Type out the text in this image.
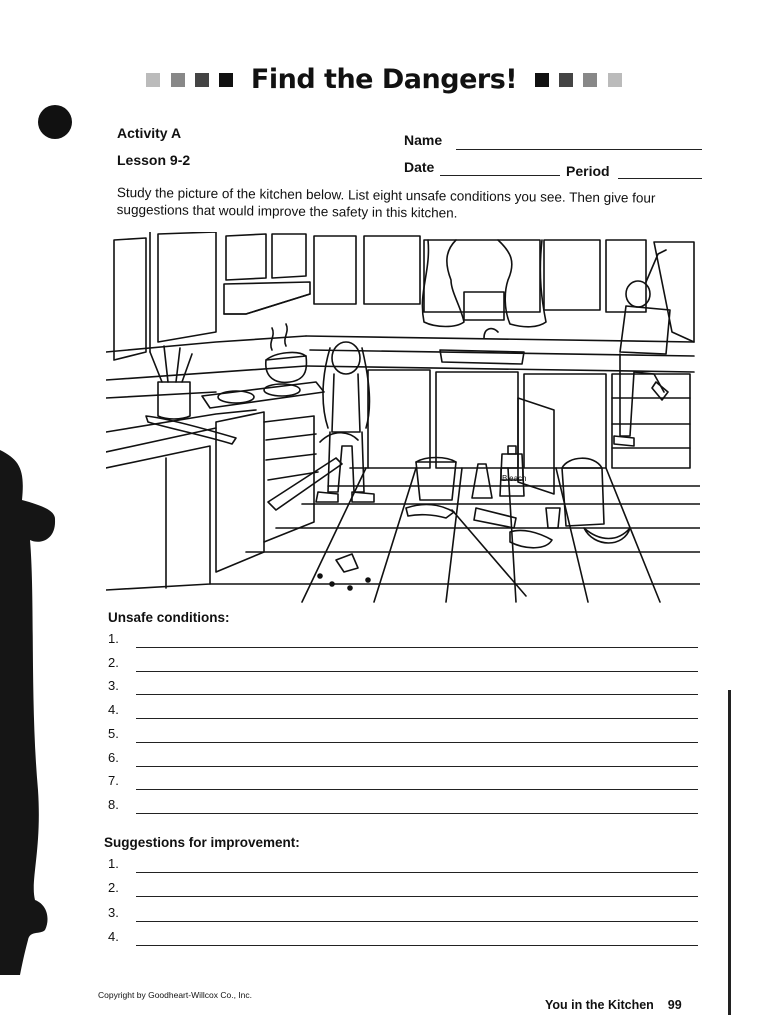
Find the Dangers!
Activity A
Lesson 9-2
Name
Date	Period
Study the picture of the kitchen below. List eight unsafe conditions you see. Then give four suggestions that would improve the safety in this kitchen.
Bleach
Unsafe conditions:
1.
2.
3.
4.
5.
6.
7.
8.
Suggestions for improvement:
1.
2.
3.
4.
Copyright by Goodheart-Willcox Co., Inc.
You in the Kitchen 99
